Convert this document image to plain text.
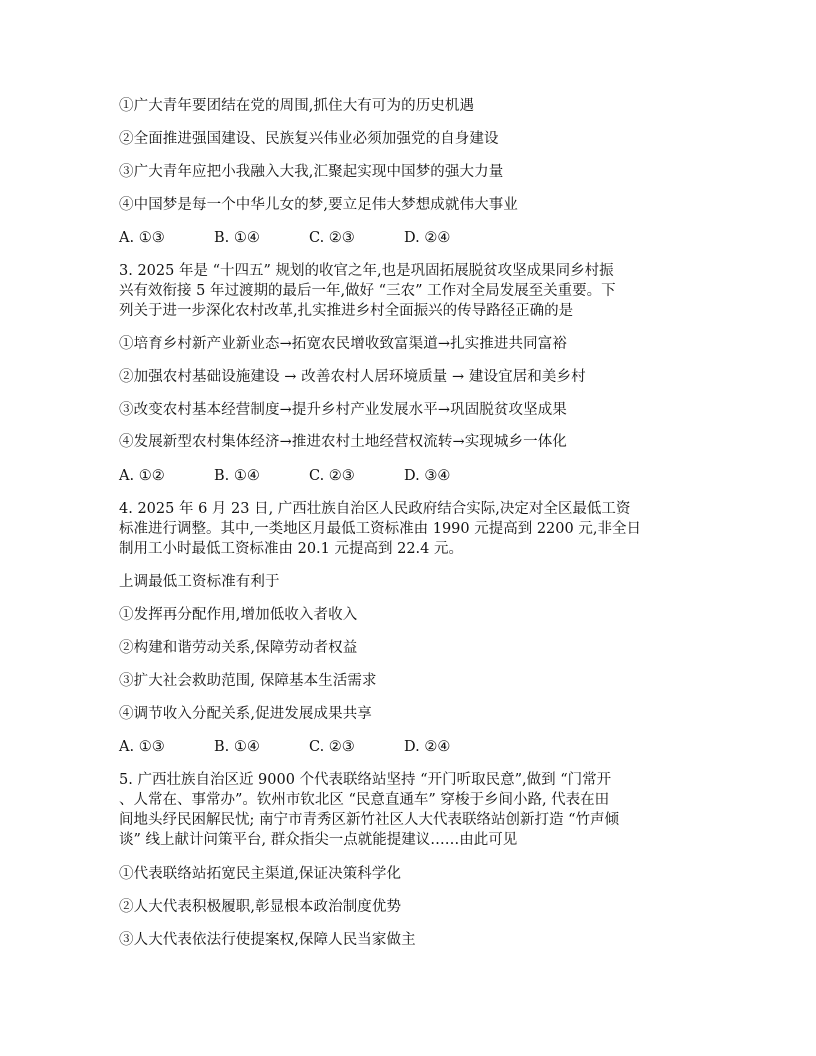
①广大青年要团结在党的周围,抓住大有可为的历史机遇
②全面推进强国建设、民族复兴伟业必须加强党的自身建设
③广大青年应把小我融入大我,汇聚起实现中国梦的强大力量
④中国梦是每一个中华儿女的梦,要立足伟大梦想成就伟大事业
A. ①③	B. ①④	C. ②③	D. ②④
3. 2025 年是 “十四五” 规划的收官之年,也是巩固拓展脱贫攻坚成果同乡村振
兴有效衔接 5 年过渡期的最后一年,做好 “三农” 工作对全局发展至关重要。下
列关于进一步深化农村改革,扎实推进乡村全面振兴的传导路径正确的是
①培育乡村新产业新业态→拓宽农民增收致富渠道→扎实推进共同富裕
②加强农村基础设施建设 → 改善农村人居环境质量 → 建设宜居和美乡村
③改变农村基本经营制度→提升乡村产业发展水平→巩固脱贫攻坚成果
④发展新型农村集体经济→推进农村土地经营权流转→实现城乡一体化
A. ①②	B. ①④	C. ②③	D. ③④
4. 2025 年 6 月 23 日, 广西壮族自治区人民政府结合实际,决定对全区最低工资
标准进行调整。其中,一类地区月最低工资标准由 1990 元提高到 2200 元,非全日
制用工小时最低工资标准由 20.1 元提高到 22.4 元。
上调最低工资标准有利于
①发挥再分配作用,增加低收入者收入
②构建和谐劳动关系,保障劳动者权益
③扩大社会救助范围, 保障基本生活需求
④调节收入分配关系,促进发展成果共享
A. ①③	B. ①④	C. ②③	D. ②④
5. 广西壮族自治区近 9000 个代表联络站坚持 “开门听取民意”,做到 “门常开
、人常在、事常办”。钦州市钦北区 “民意直通车” 穿梭于乡间小路, 代表在田
间地头纾民困解民忧; 南宁市青秀区新竹社区人大代表联络站创新打造 “竹声倾
谈” 线上献计问策平台, 群众指尖一点就能提建议……由此可见
①代表联络站拓宽民主渠道,保证决策科学化
②人大代表积极履职,彰显根本政治制度优势
③人大代表依法行使提案权,保障人民当家做主
